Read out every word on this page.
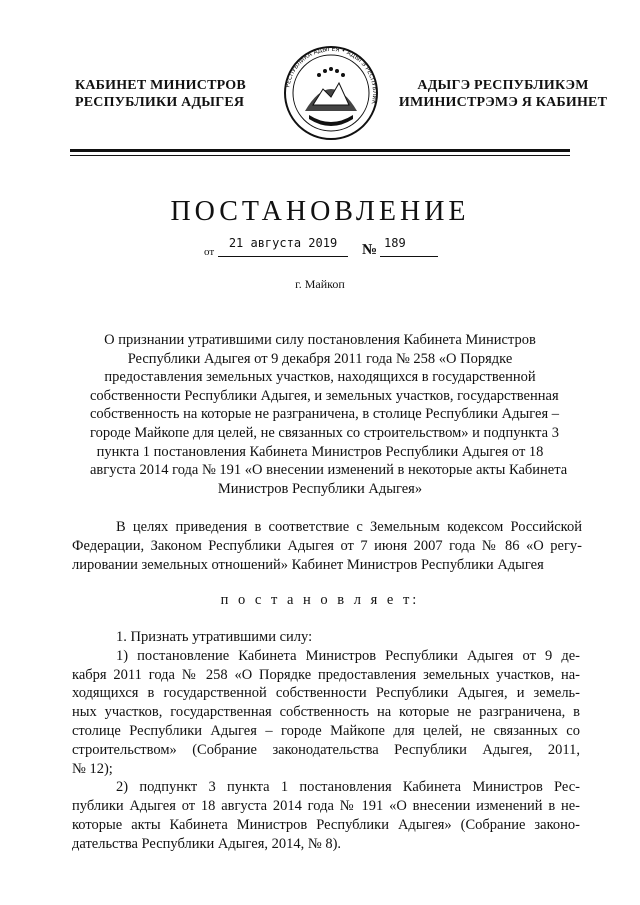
КАБИНЕТ МИНИСТРОВ
РЕСПУБЛИКИ АДЫГЕЯ
РЕСПУБЛИКА АДЫГЕЯ • АДЫГЭ РЕСПУБЛИК
АДЫГЭ РЕСПУБЛИКЭМ
ИМИНИСТРЭМЭ Я КАБИНЕТ
ПОСТАНОВЛЕНИЕ
от
21 августа 2019	№ 189
г. Майкоп
О признании утратившими силу постановления Кабинета Министров
Республики Адыгея от 9 декабря 2011 года № 258 «О Порядке
предоставления земельных участков, находящихся в государственной
собственности Республики Адыгея, и земельных участков, государственная
собственность на которые не разграничена, в столице Республики Адыгея –
городе Майкопе для целей, не связанных со строительством» и подпункта 3
пункта 1 постановления Кабинета Министров Республики Адыгея от 18
августа 2014 года № 191 «О внесении изменений в некоторые акты Кабинета
Министров Республики Адыгея»
В целях приведения в соответствие с Земельным кодексом Российской
Федерации, Законом Республики Адыгея от 7 июня 2007 года № 86 «О регу-
лировании земельных отношений» Кабинет Министров Республики Адыгея
п о с т а н о в л я е т:
1. Признать утратившими силу:
1) постановление Кабинета Министров Республики Адыгея от 9 де-
кабря 2011 года № 258 «О Порядке предоставления земельных участков, на-
ходящихся в государственной собственности Республики Адыгея, и земель-
ных участков, государственная собственность на которые не разграничена, в
столице Республики Адыгея – городе Майкопе для целей, не связанных со
строительством» (Собрание законодательства Республики Адыгея, 2011,
№ 12);
2) подпункт 3 пункта 1 постановления Кабинета Министров Рес-
публики Адыгея от 18 августа 2014 года № 191 «О внесении изменений в не-
которые акты Кабинета Министров Республики Адыгея» (Собрание законо-
дательства Республики Адыгея, 2014, № 8).
